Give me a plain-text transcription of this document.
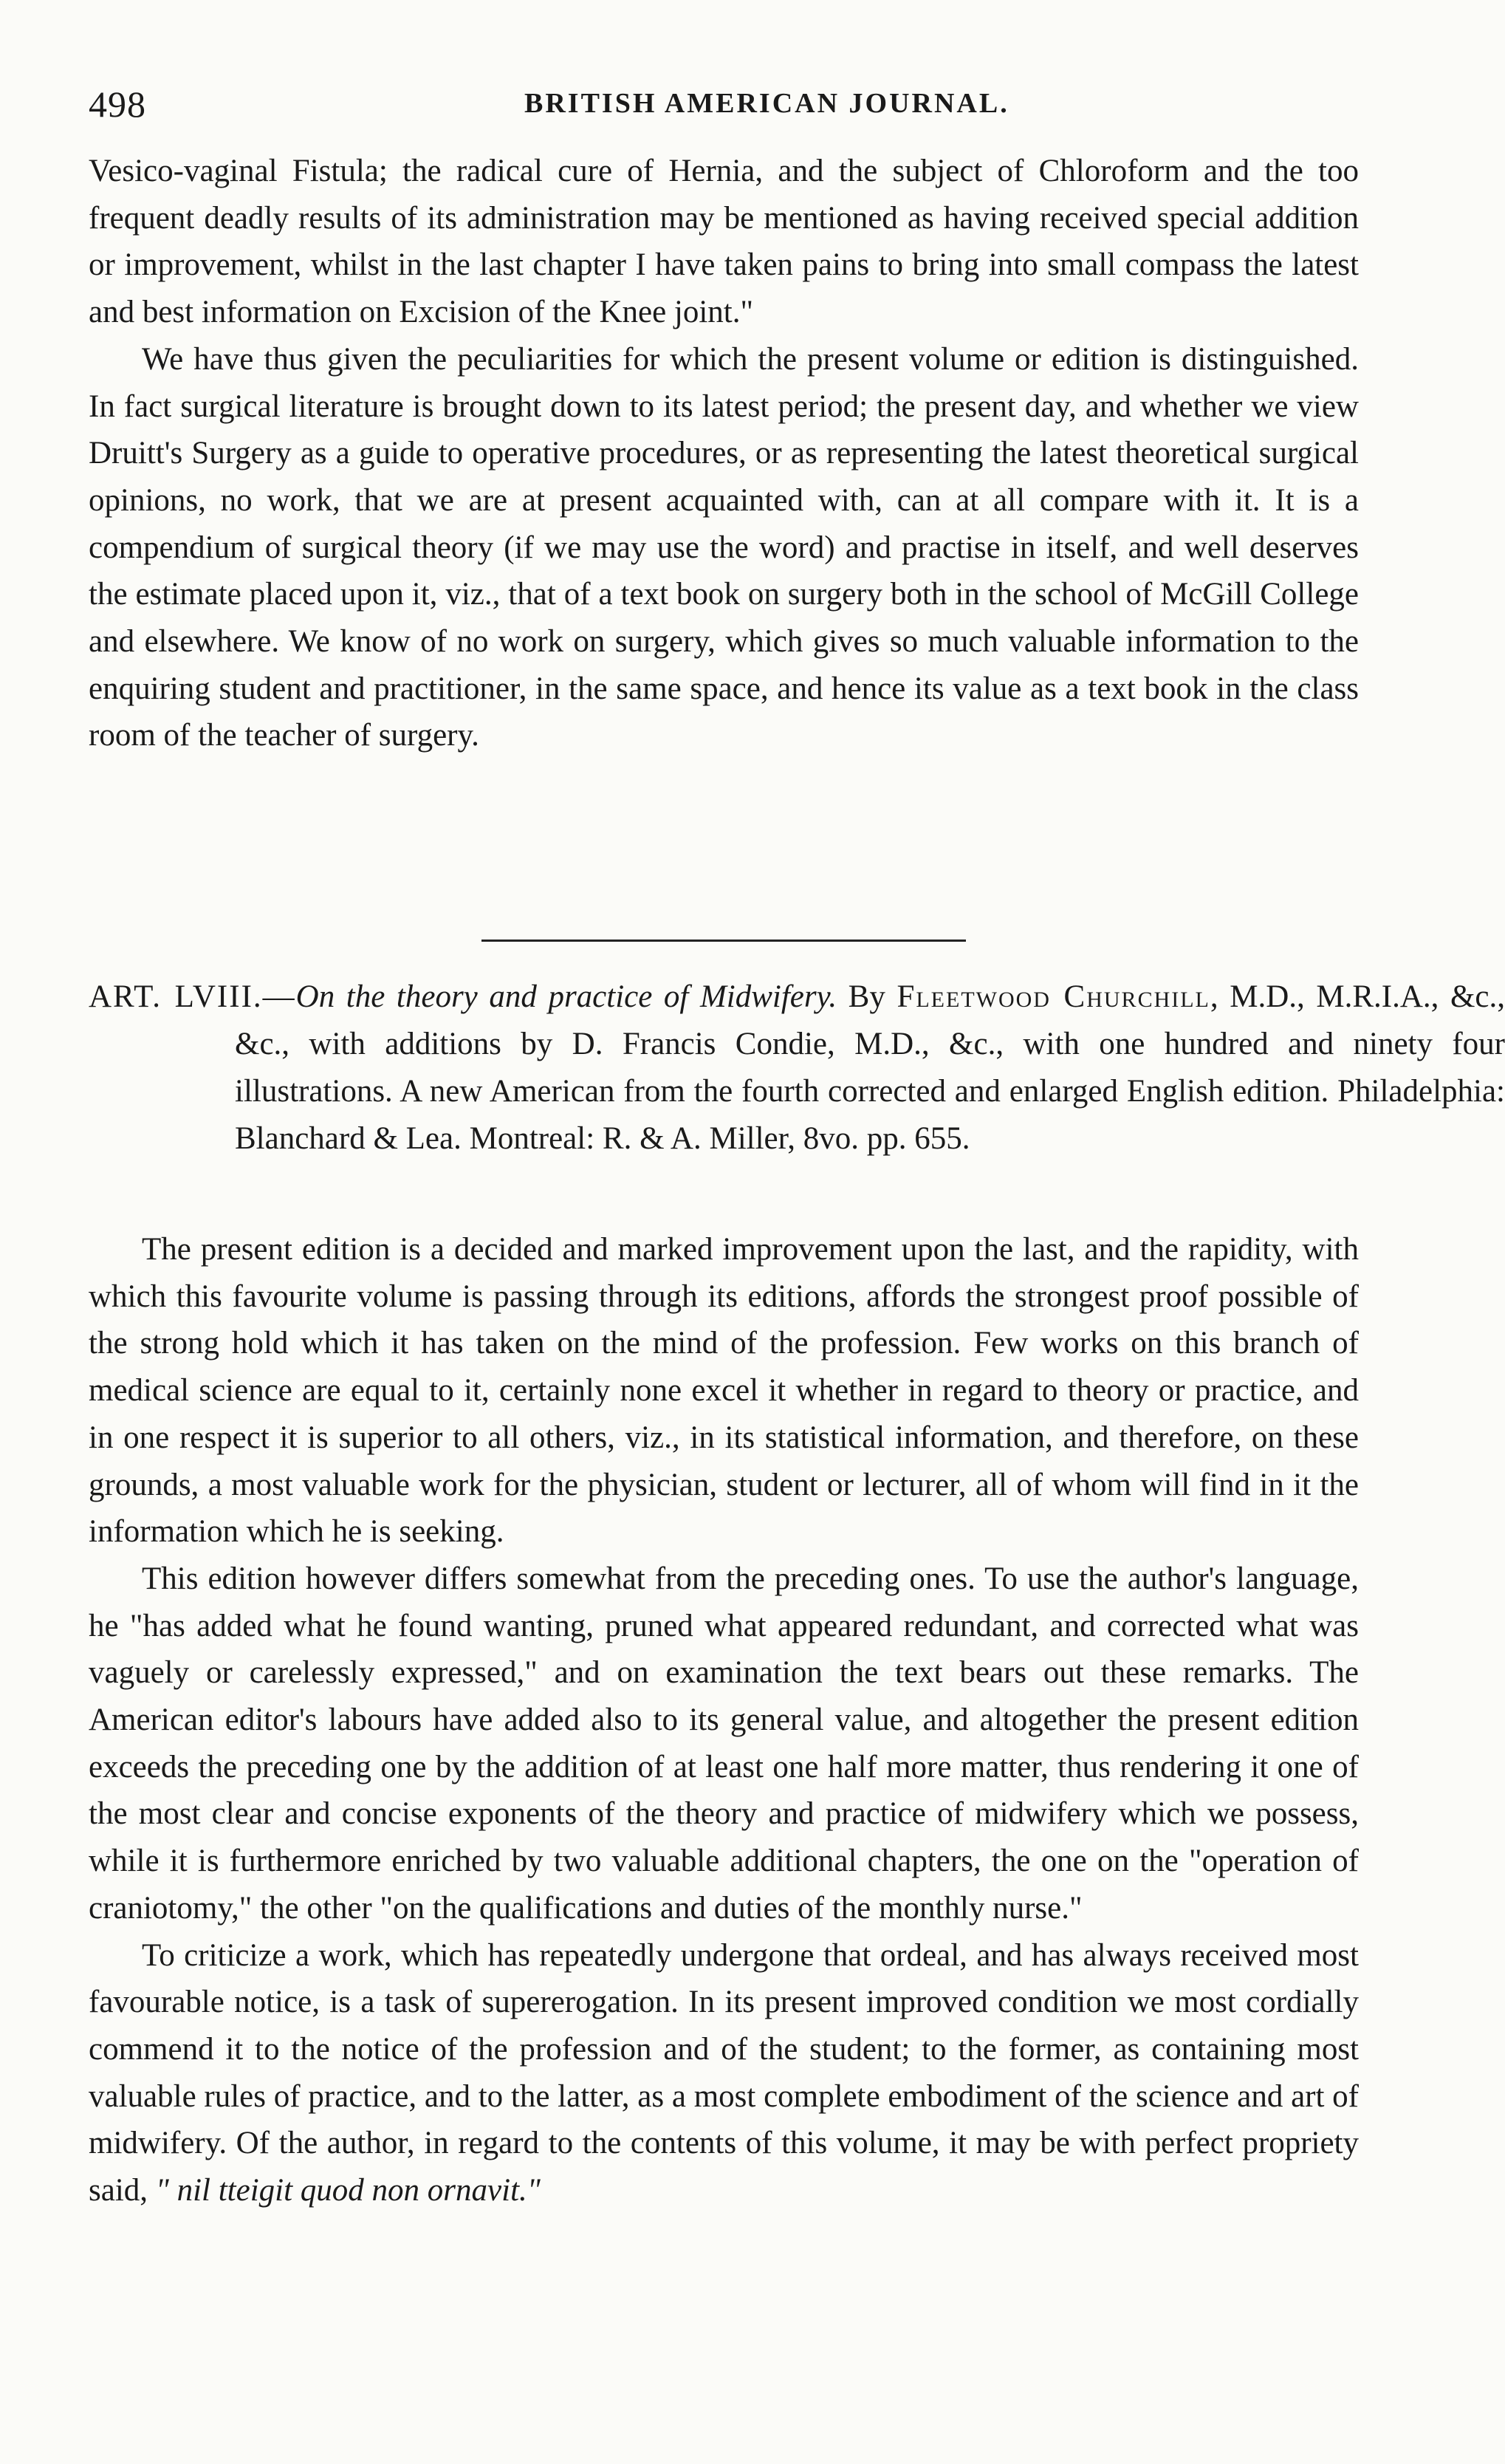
498	BRITISH AMERICAN JOURNAL.

Vesico-vaginal Fistula; the radical cure of Hernia, and the subject of Chloroform and the too frequent deadly results of its administration may be mentioned as having received special addition or improvement, whilst in the last chapter I have taken pains to bring into small compass the latest and best information on Excision of the Knee joint."

We have thus given the peculiarities for which the present volume or edition is distinguished. In fact surgical literature is brought down to its latest period; the present day, and whether we view Druitt's Surgery as a guide to operative procedures, or as representing the latest theoretical surgical opinions, no work, that we are at present acquainted with, can at all compare with it. It is a compendium of surgical theory (if we may use the word) and practise in itself, and well deserves the estimate placed upon it, viz., that of a text book on surgery both in the school of McGill College and elsewhere. We know of no work on surgery, which gives so much valuable information to the enquiring student and practitioner, in the same space, and hence its value as a text book in the class room of the teacher of surgery.

ART. LVIII.—On the theory and practice of Midwifery. By Fleetwood Churchill, M.D., M.R.I.A., &c., &c., with additions by D. Francis Condie, M.D., &c., with one hundred and ninety four illustrations. A new American from the fourth corrected and enlarged English edition. Philadelphia: Blanchard & Lea. Montreal: R. & A. Miller, 8vo. pp. 655.

The present edition is a decided and marked improvement upon the last, and the rapidity, with which this favourite volume is passing through its editions, affords the strongest proof possible of the strong hold which it has taken on the mind of the profession. Few works on this branch of medical science are equal to it, certainly none excel it whether in regard to theory or practice, and in one respect it is superior to all others, viz., in its statistical information, and therefore, on these grounds, a most valuable work for the physician, student or lecturer, all of whom will find in it the information which he is seeking.

This edition however differs somewhat from the preceding ones. To use the author's language, he "has added what he found wanting, pruned what appeared redundant, and corrected what was vaguely or carelessly expressed," and on examination the text bears out these remarks. The American editor's labours have added also to its general value, and altogether the present edition exceeds the preceding one by the addition of at least one half more matter, thus rendering it one of the most clear and concise exponents of the theory and practice of midwifery which we possess, while it is furthermore enriched by two valuable additional chapters, the one on the "operation of craniotomy," the other "on the qualifications and duties of the monthly nurse."

To criticize a work, which has repeatedly undergone that ordeal, and has always received most favourable notice, is a task of supererogation. In its present improved condition we most cordially commend it to the notice of the profession and of the student; to the former, as containing most valuable rules of practice, and to the latter, as a most complete embodiment of the science and art of midwifery. Of the author, in regard to the contents of this volume, it may be with perfect propriety said, " nil tteigit quod non ornavit."
